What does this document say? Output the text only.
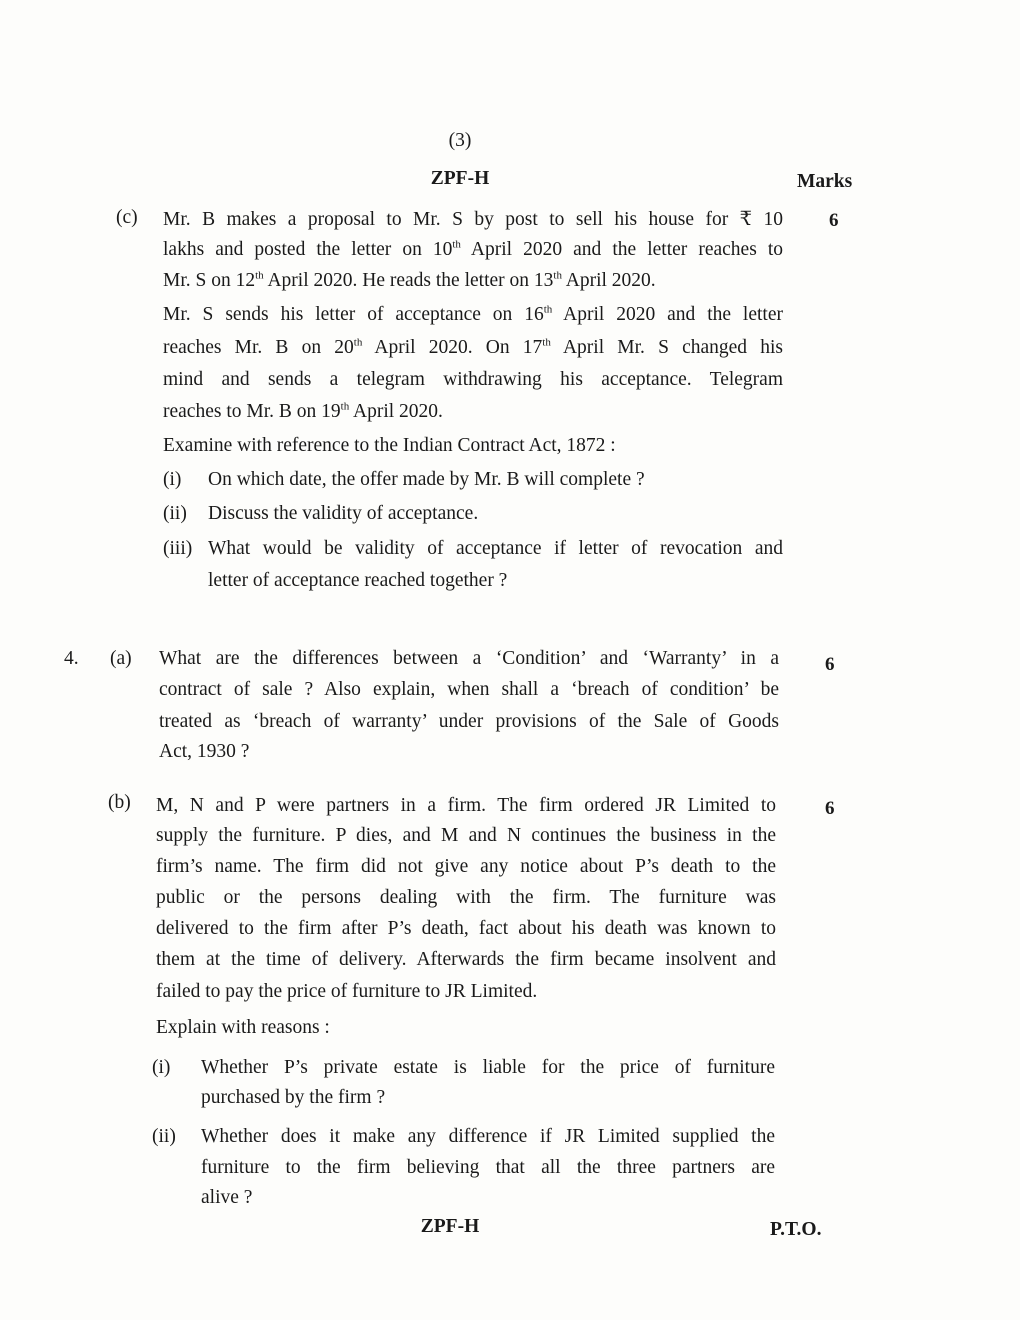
(3)
ZPF-H	Marks
(c)	6
Mr. B makes a proposal to Mr. S by post to sell his house for ₹ 10
lakhs and posted the letter on 10th April 2020 and the letter reaches to
Mr. S on 12th April 2020. He reads the letter on 13th April 2020.
Mr. S sends his letter of acceptance on 16th April 2020 and the letter
reaches Mr. B on 20th April 2020. On 17th April Mr. S changed his
mind and sends a telegram withdrawing his acceptance. Telegram
reaches to Mr. B on 19th April 2020.
Examine with reference to the Indian Contract Act, 1872 :
(i) On which date, the offer made by Mr. B will complete ?
(ii) Discuss the validity of acceptance.
(iii) What would be validity of acceptance if letter of revocation and
letter of acceptance reached together ?
4. (a)	6
What are the differences between a ‘Condition’ and ‘Warranty’ in a
contract of sale ? Also explain, when shall a ‘breach of condition’ be
treated as ‘breach of warranty’ under provisions of the Sale of Goods
Act, 1930 ?
(b)	6
M, N and P were partners in a firm. The firm ordered JR Limited to
supply the furniture. P dies, and M and N continues the business in the
firm’s name. The firm did not give any notice about P’s death to the
public or the persons dealing with the firm. The furniture was
delivered to the firm after P’s death, fact about his death was known to
them at the time of delivery. Afterwards the firm became insolvent and
failed to pay the price of furniture to JR Limited.
Explain with reasons :
(i) Whether P’s private estate is liable for the price of furniture
purchased by the firm ?
(ii) Whether does it make any difference if JR Limited supplied the
furniture to the firm believing that all the three partners are
alive ?
ZPF-H	P.T.O.
